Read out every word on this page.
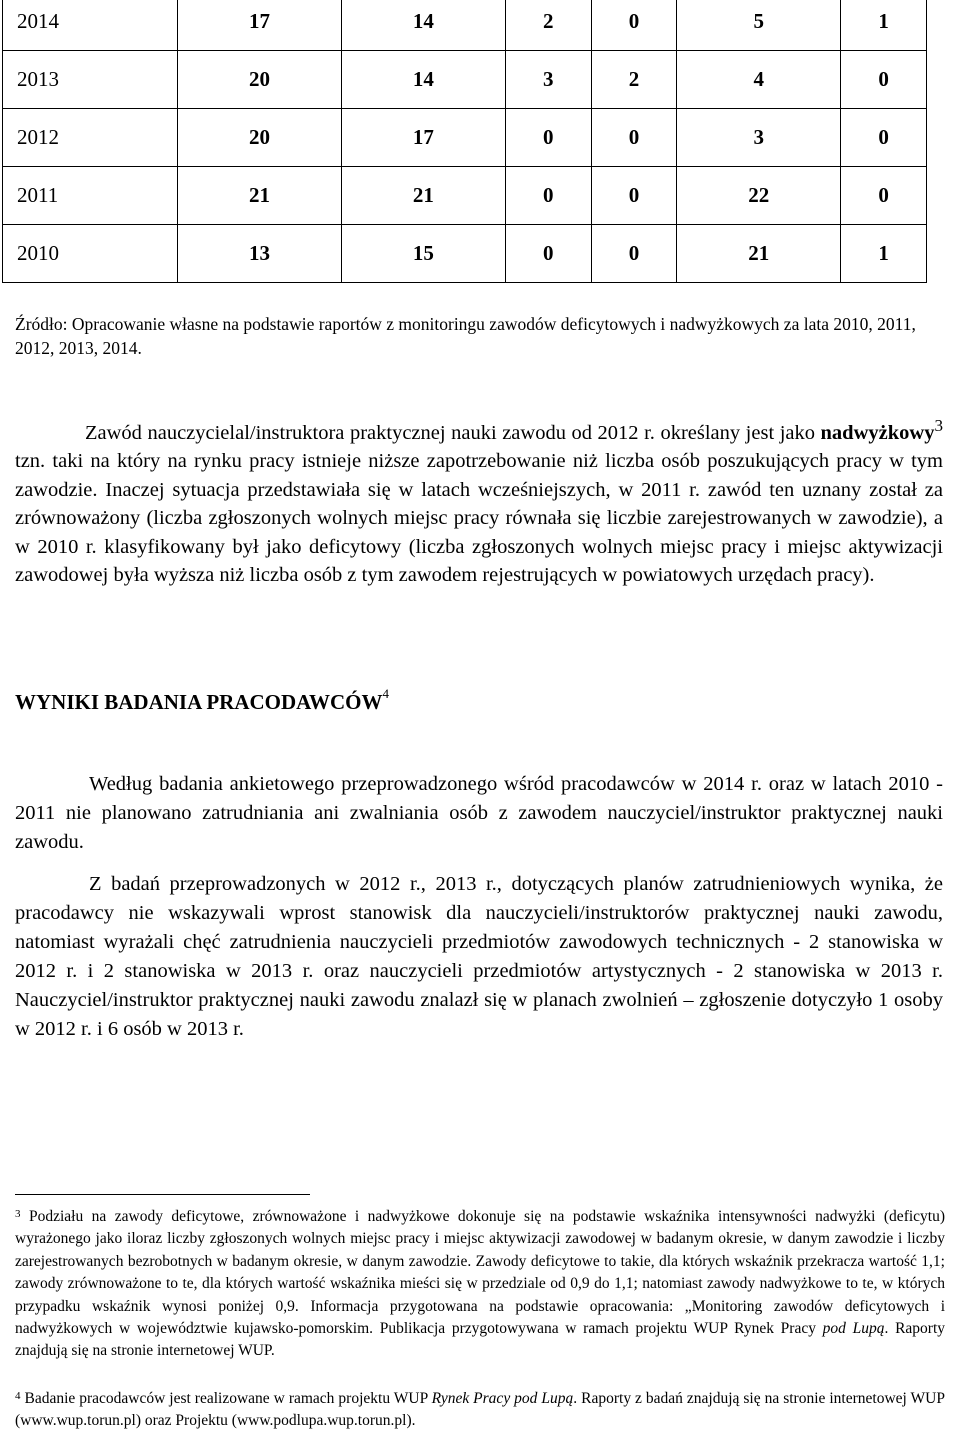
2014	17	14	2	0	5	1
2013	20	14	3	2	4	0
2012	20	17	0	0	3	0
2011	21	21	0	0	22	0
2010	13	15	0	0	21	1
Źródło: Opracowanie własne na podstawie raportów z monitoringu zawodów deficytowych i nadwyżkowych za lata 2010, 2011, 2012, 2013, 2014.
Zawód nauczycielal/instruktora praktycznej nauki zawodu od 2012 r. określany jest jako nadwyżkowy$^3$ tzn. taki na który na rynku pracy istnieje niższe zapotrzebowanie niż liczba osób poszukujących pracy w tym zawodzie. Inaczej sytuacja przedstawiała się w latach wcześniejszych, w 2011 r. zawód ten uznany został za zrównoważony (liczba zgłoszonych wolnych miejsc pracy równała się liczbie zarejestrowanych w zawodzie), a w 2010 r. klasyfikowany był jako deficytowy (liczba zgłoszonych wolnych miejsc pracy i miejsc aktywizacji zawodowej była wyższa niż liczba osób z tym zawodem rejestrujących w powiatowych urzędach pracy).
WYNIKI BADANIA PRACODAWCÓW$^4$
Według badania ankietowego przeprowadzonego wśród pracodawców w 2014 r. oraz w latach 2010 - 2011 nie planowano zatrudniania ani zwalniania osób z zawodem nauczyciel/instruktor praktycznej nauki zawodu.
Z badań przeprowadzonych w 2012 r., 2013 r., dotyczących planów zatrudnieniowych wynika, że pracodawcy nie wskazywali wprost stanowisk dla nauczycieli/instruktorów praktycznej nauki zawodu, natomiast wyrażali chęć zatrudnienia nauczycieli przedmiotów zawodowych technicznych - 2 stanowiska w 2012 r. i 2 stanowiska w 2013 r. oraz nauczycieli przedmiotów artystycznych - 2 stanowiska w 2013 r. Nauczyciel/instruktor praktycznej nauki zawodu znalazł się w planach zwolnień – zgłoszenie dotyczyło 1 osoby w 2012 r. i 6 osób w 2013 r.
$^3$ Podziału na zawody deficytowe, zrównoważone i nadwyżkowe dokonuje się na podstawie wskaźnika intensywności nadwyżki (deficytu) wyrażonego jako iloraz liczby zgłoszonych wolnych miejsc pracy i miejsc aktywizacji zawodowej w badanym okresie, w danym zawodzie i liczby zarejestrowanych bezrobotnych w badanym okresie, w danym zawodzie. Zawody deficytowe to takie, dla których wskaźnik przekracza wartość 1,1; zawody zrównoważone to te, dla których wartość wskaźnika mieści się w przedziale od 0,9 do 1,1; natomiast zawody nadwyżkowe to te, w których przypadku wskaźnik wynosi poniżej 0,9. Informacja przygotowana na podstawie opracowania: „Monitoring zawodów deficytowych i nadwyżkowych w województwie kujawsko-pomorskim. Publikacja przygotowywana w ramach projektu WUP Rynek Pracy pod Lupą. Raporty znajdują się na stronie internetowej WUP.
$^4$ Badanie pracodawców jest realizowane w ramach projektu WUP Rynek Pracy pod Lupą. Raporty z badań znajdują się na stronie internetowej WUP (www.wup.torun.pl) oraz Projektu (www.podlupa.wup.torun.pl).
